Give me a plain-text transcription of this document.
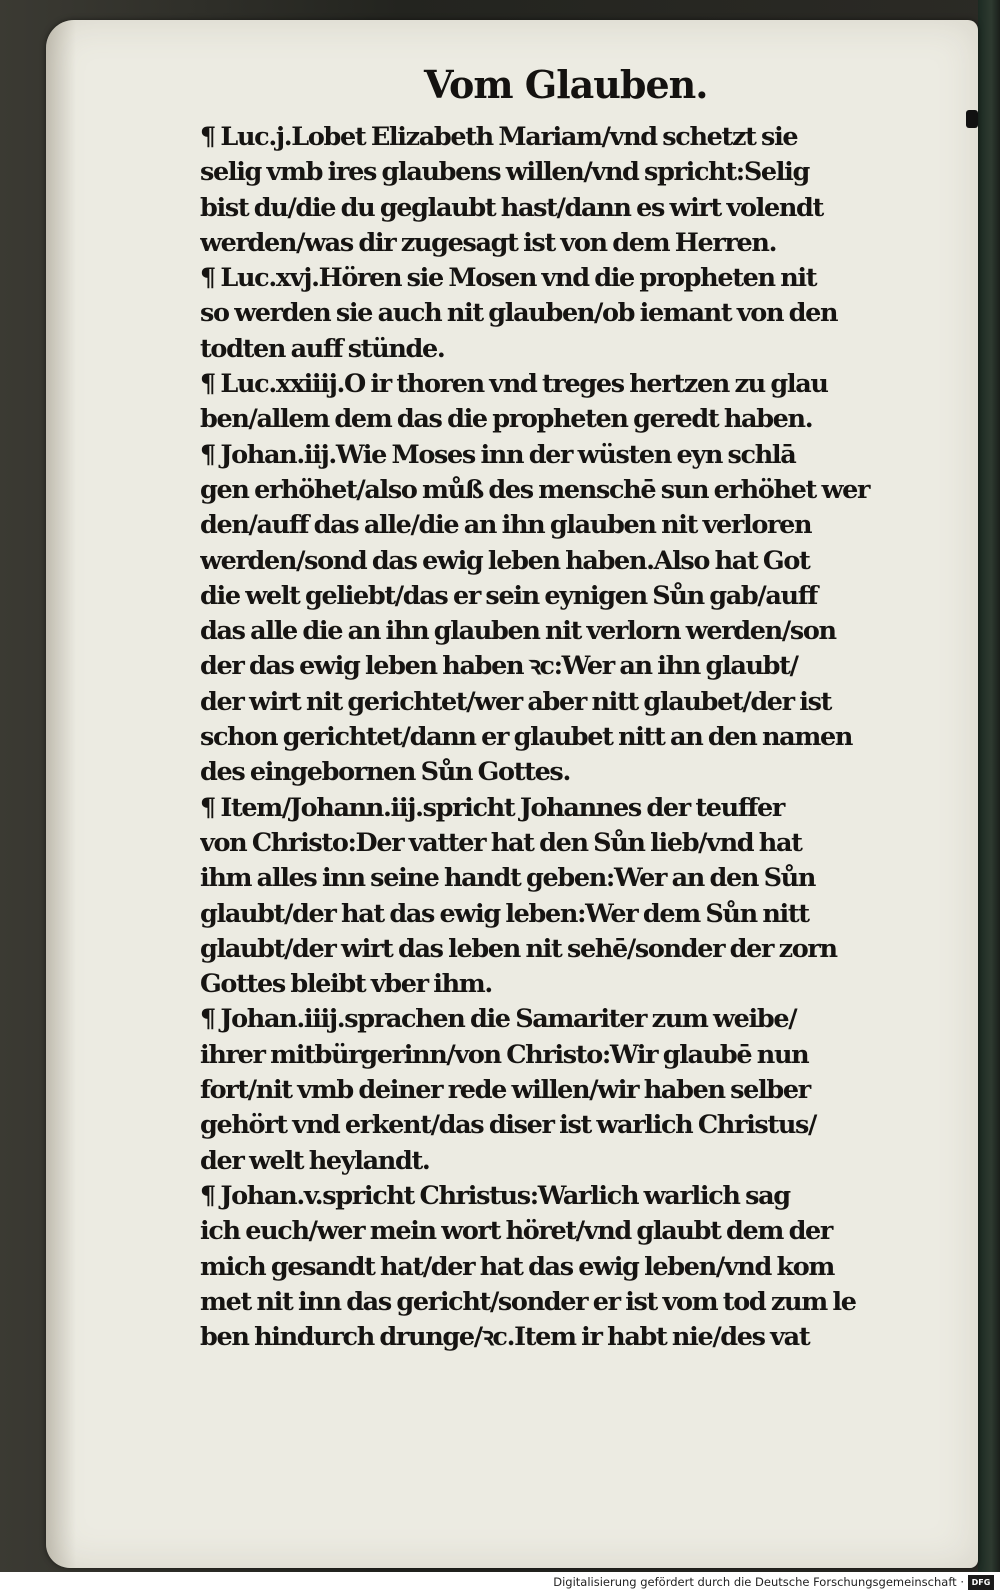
Vom Glauben.
¶ Luc.j.Lobet Elizabeth Mariam/vnd schetzt sie
selig vmb ires glaubens willen/vnd spricht:Selig
bist du/die du geglaubt hast/dann es wirt volendt
werden/was dir zugesagt ist von dem Herren.
¶ Luc.xvj.Hören sie Mosen vnd die propheten nit
so werden sie auch nit glauben/ob iemant von den
todten auff stünde.
¶ Luc.xxiiij.O ir thoren vnd treges hertzen zu glau
ben/allem dem das die propheten geredt haben.
¶ Johan.iij.Wie Moses inn der wüsten eyn schlā
gen erhöhet/also můß des menschē sun erhöhet wer
den/auff das alle/die an ihn glauben nit verloren
werden/sond das ewig leben haben.Also hat Got
die welt geliebt/das er sein eynigen Sůn gab/auff
das alle die an ihn glauben nit verlorn werden/son
der das ewig leben haben ꝛc:Wer an ihn glaubt/
der wirt nit gerichtet/wer aber nitt glaubet/der ist
schon gerichtet/dann er glaubet nitt an den namen
des eingebornen Sůn Gottes.
¶ Item/Johann.iij.spricht Johannes der teuffer
von Christo:Der vatter hat den Sůn lieb/vnd hat
ihm alles inn seine handt geben:Wer an den Sůn
glaubt/der hat das ewig leben:Wer dem Sůn nitt
glaubt/der wirt das leben nit sehē/sonder der zorn
Gottes bleibt vber ihm.
¶ Johan.iiij.sprachen die Samariter zum weibe/
ihrer mitbürgerinn/von Christo:Wir glaubē nun
fort/nit vmb deiner rede willen/wir haben selber
gehört vnd erkent/das diser ist warlich Christus/
der welt heylandt.
¶ Johan.v.spricht Christus:Warlich warlich sag
ich euch/wer mein wort höret/vnd glaubt dem der
mich gesandt hat/der hat das ewig leben/vnd kom
met nit inn das gericht/sonder er ist vom tod zum le
ben hindurch drunge/ꝛc.Item ir habt nie/des vat
Digitalisierung gefördert durch die Deutsche Forschungsgemeinschaft · DFG
